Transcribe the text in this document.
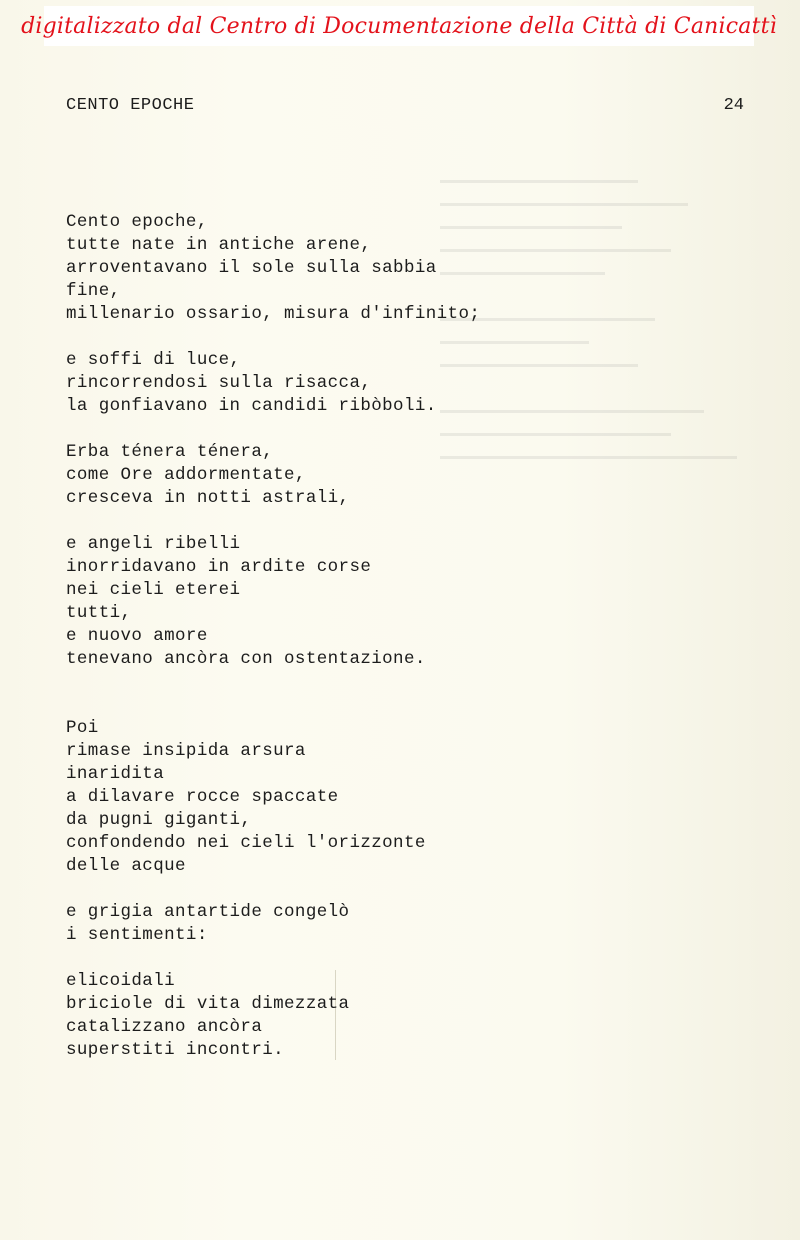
digitalizzato dal Centro di Documentazione della Città di Canicattì
CENTO EPOCHE	24
Cento epoche,
tutte nate in antiche arene,
arroventavano il sole sulla sabbia
fine,
millenario ossario, misura d'infinito;
e soffi di luce,
rincorrendosi sulla risacca,
la gonfiavano in candidi ribòboli.
Erba ténera ténera,
come Ore addormentate,
cresceva in notti astrali,
e angeli ribelli
inorridavano in ardite corse
nei cieli eterei
tutti,
e nuovo amore
tenevano ancòra con ostentazione.
Poi
rimase insipida arsura
inaridita
a dilavare rocce spaccate
da pugni giganti,
confondendo nei cieli l'orizzonte
delle acque
e grigia antartide congelò
i sentimenti:
elicoidali
briciole di vita dimezzata
catalizzano ancòra
superstiti incontri.
